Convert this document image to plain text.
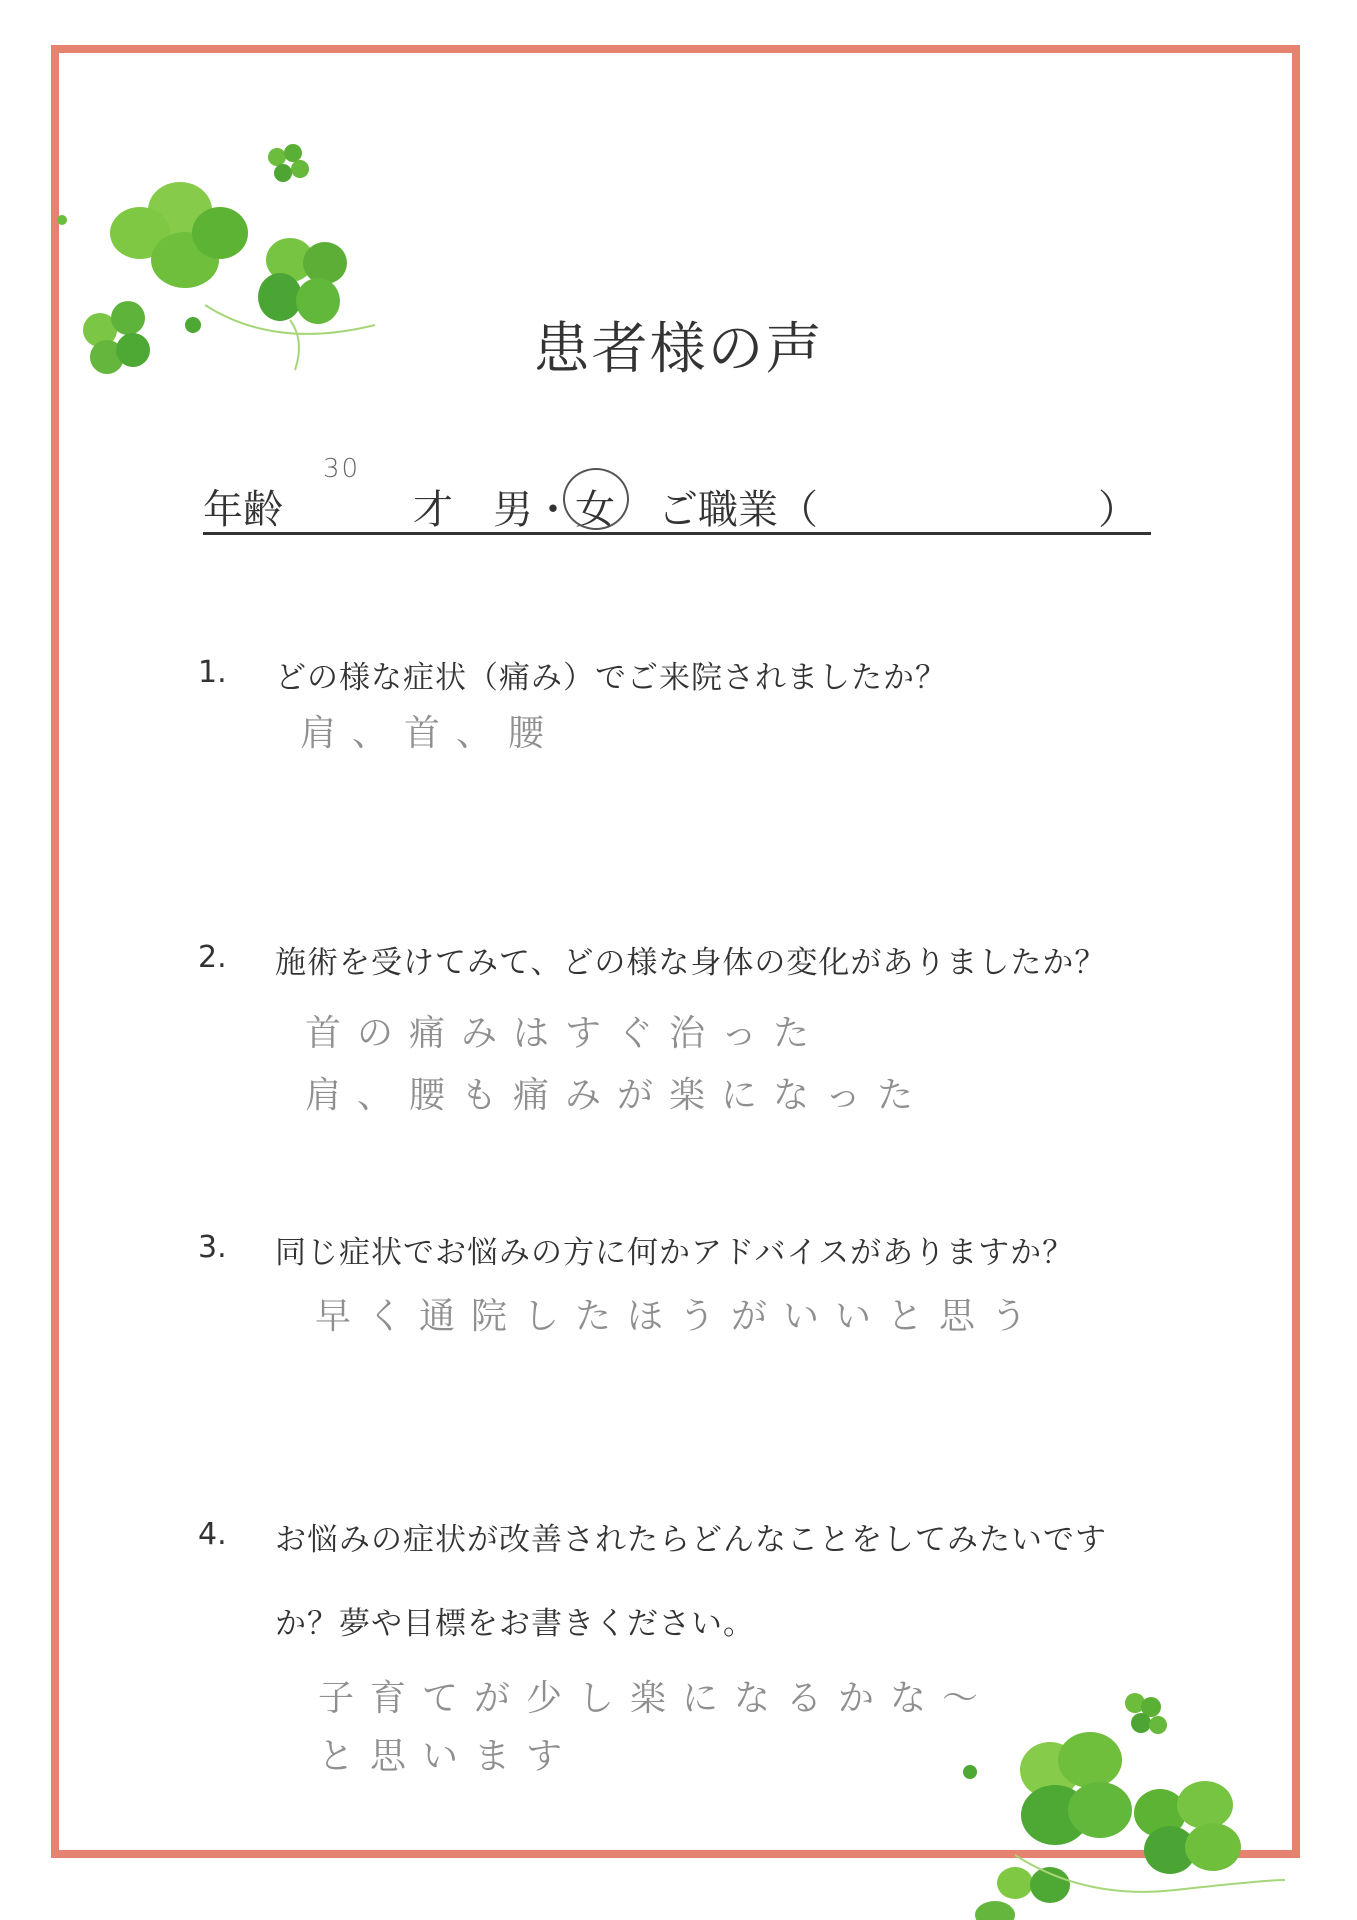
患者様の声
年齢
30
才 男 ・ 女 ご職業（	）
1. どの様な症状（痛み）でご来院されましたか？
肩、首、腰
2. 施術を受けてみて、どの様な身体の変化がありましたか？
首の痛みはすぐ治った
肩、腰も痛みが楽になった
3. 同じ症状でお悩みの方に何かアドバイスがありますか？
早く通院したほうがいいと思う
4. お悩みの症状が改善されたらどんなことをしてみたいです
か？夢や目標をお書きください。
子育てが少し楽になるかな〜
と思います
